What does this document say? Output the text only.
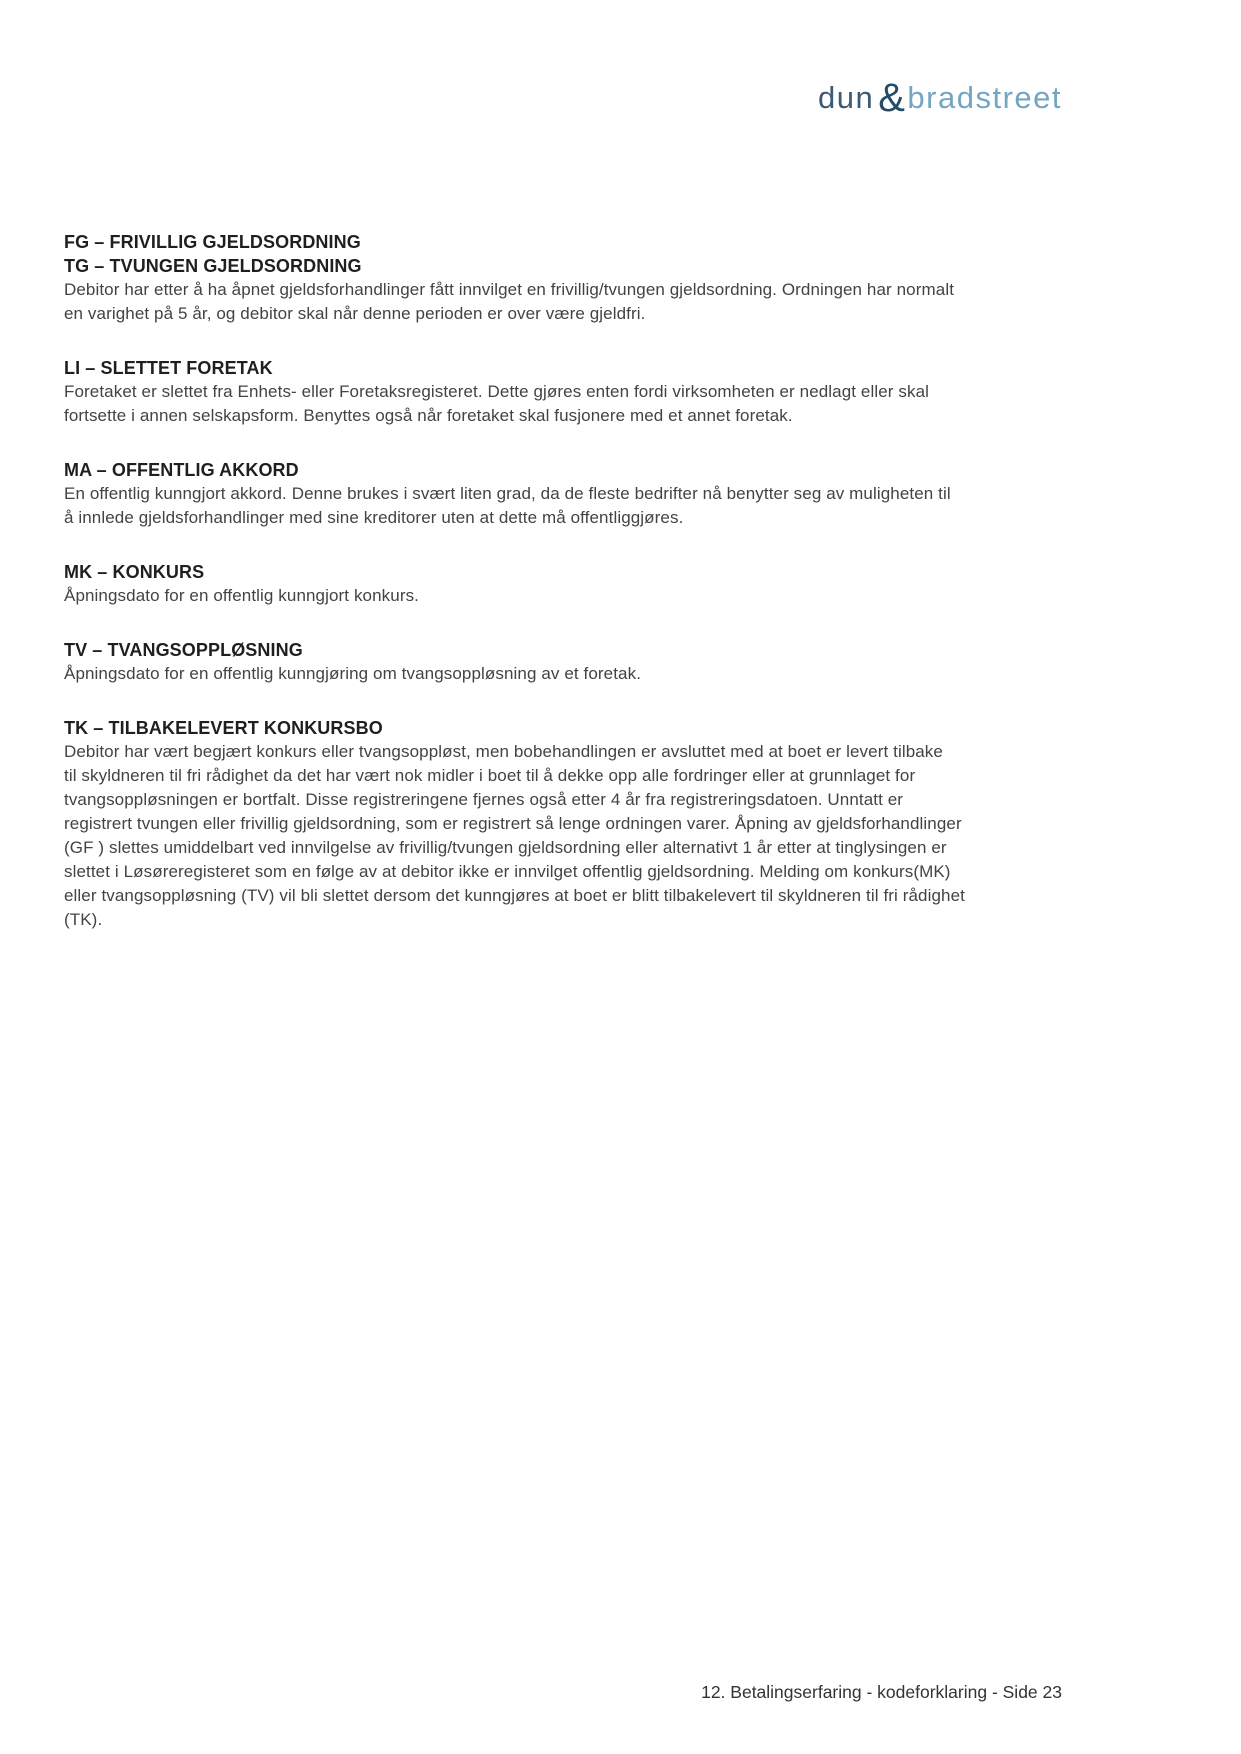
dun &bradstreet
FG – FRIVILLIG GJELDSORDNING
TG – TVUNGEN GJELDSORDNING
Debitor har etter å ha åpnet gjeldsforhandlinger fått innvilget en frivillig/tvungen gjeldsordning. Ordningen har normalt
en varighet på 5 år, og debitor skal når denne perioden er over være gjeldfri.
LI – SLETTET FORETAK
Foretaket er slettet fra Enhets- eller Foretaksregisteret. Dette gjøres enten fordi virksomheten er nedlagt eller skal
fortsette i annen selskapsform. Benyttes også når foretaket skal fusjonere med et annet foretak.
MA – OFFENTLIG AKKORD
En offentlig kunngjort akkord. Denne brukes i svært liten grad, da de fleste bedrifter nå benytter seg av muligheten til
å innlede gjeldsforhandlinger med sine kreditorer uten at dette må offentliggjøres.
MK – KONKURS
Åpningsdato for en offentlig kunngjort konkurs.
TV – TVANGSOPPLØSNING
Åpningsdato for en offentlig kunngjøring om tvangsoppløsning av et foretak.
TK – TILBAKELEVERT KONKURSBO
Debitor har vært begjært konkurs eller tvangsoppløst, men bobehandlingen er avsluttet med at boet er levert tilbake
til skyldneren til fri rådighet da det har vært nok midler i boet til å dekke opp alle fordringer eller at grunnlaget for
tvangsoppløsningen er bortfalt. Disse registreringene fjernes også etter 4 år fra registreringsdatoen. Unntatt er
registrert tvungen eller frivillig gjeldsordning, som er registrert så lenge ordningen varer. Åpning av gjeldsforhandlinger
(GF ) slettes umiddelbart ved innvilgelse av frivillig/tvungen gjeldsordning eller alternativt 1 år etter at tinglysingen er
slettet i Løsøreregisteret som en følge av at debitor ikke er innvilget offentlig gjeldsordning. Melding om konkurs(MK)
eller tvangsoppløsning (TV) vil bli slettet dersom det kunngjøres at boet er blitt tilbakelevert til skyldneren til fri rådighet
(TK).
12. Betalingserfaring - kodeforklaring - Side 23
